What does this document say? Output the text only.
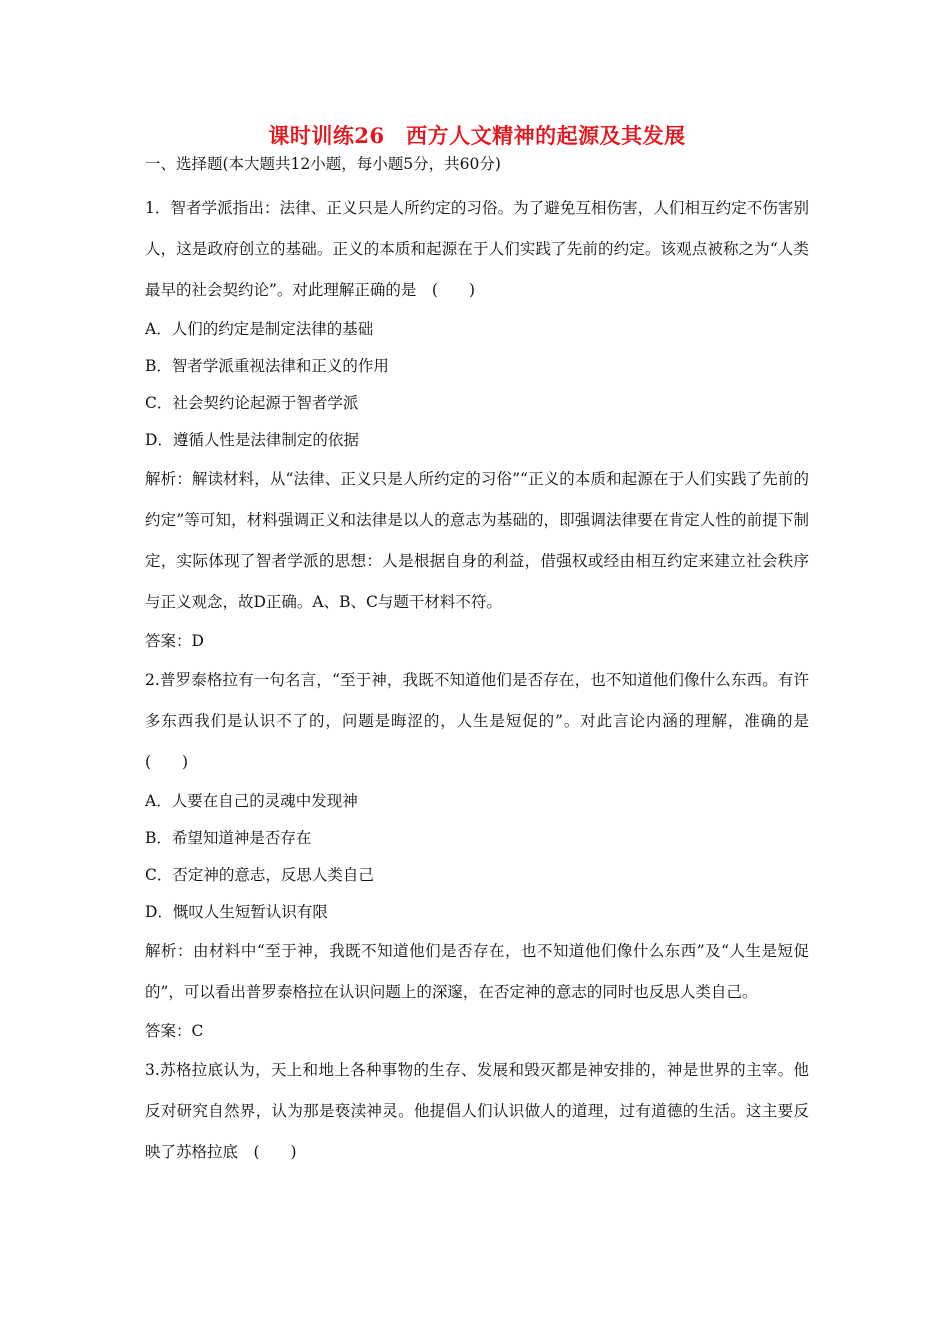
课时训练26　西方人文精神的起源及其发展
一、选择题(本大题共12小题，每小题5分，共60分)

1．智者学派指出：法律、正义只是人所约定的习俗。为了避免互相伤害，人们相互约定不伤害别人，这是政府创立的基础。正义的本质和起源在于人们实践了先前的约定。该观点被称之为“人类最早的社会契约论”。对此理解正确的是　(　　)

A．人们的约定是制定法律的基础

B．智者学派重视法律和正义的作用

C．社会契约论起源于智者学派

D．遵循人性是法律制定的依据

解析：解读材料，从“法律、正义只是人所约定的习俗”“正义的本质和起源在于人们实践了先前的约定”等可知，材料强调正义和法律是以人的意志为基础的，即强调法律要在肯定人性的前提下制定，实际体现了智者学派的思想：人是根据自身的利益，借强权或经由相互约定来建立社会秩序与正义观念，故D正确。A、B、C与题干材料不符。

答案：D

2.普罗泰格拉有一句名言，“至于神，我既不知道他们是否存在，也不知道他们像什么东西。有许多东西我们是认识不了的，问题是晦涩的，人生是短促的”。对此言论内涵的理解，准确的是　(　　)

A．人要在自己的灵魂中发现神

B．希望知道神是否存在

C．否定神的意志，反思人类自己

D．慨叹人生短暂认识有限

解析：由材料中“至于神，我既不知道他们是否存在，也不知道他们像什么东西”及“人生是短促的”，可以看出普罗泰格拉在认识问题上的深邃，在否定神的意志的同时也反思人类自己。

答案：C

3.苏格拉底认为，天上和地上各种事物的生存、发展和毁灭都是神安排的，神是世界的主宰。他反对研究自然界，认为那是亵渎神灵。他提倡人们认识做人的道理，过有道德的生活。这主要反映了苏格拉底　(　　)
